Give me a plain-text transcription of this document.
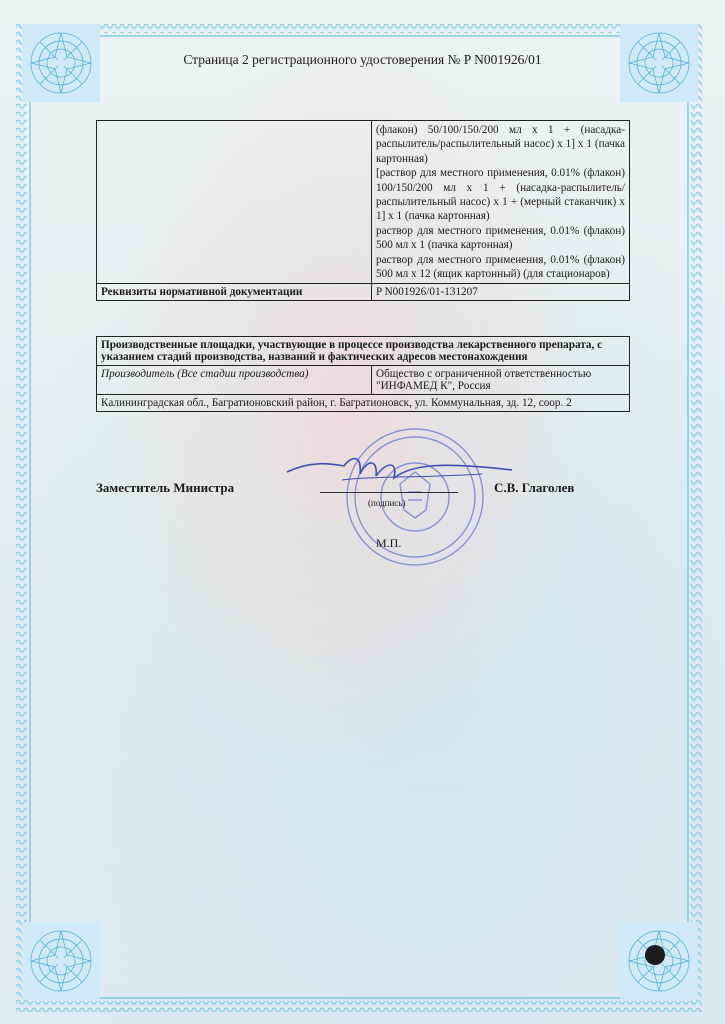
Страница 2 регистрационного удостоверения № P N001926/01

	(флакон) 50/100/150/200 мл х 1 + (насадка-распылитель/распылительный насос) х 1] х 1 (пачка картонная)

[раствор для местного применения, 0.01% (флакон) 100/150/200 мл х 1 + (насадка-распылитель/распылительный насос) х 1 + (мерный стаканчик) х 1] х 1 (пачка картонная)

раствор для местного применения, 0.01% (флакон) 500 мл х 1 (пачка картонная)

раствор для местного применения, 0.01% (флакон) 500 мл х 12 (ящик картонный) (для стационаров)

Реквизиты нормативной документации	P N001926/01-131207
Производственные площадки, участвующие в процессе производства лекарственного препарата, с указанием стадий производства, названий и фактических адресов местонахождения
Производитель (Все стадии производства)	Общество с ограниченной ответственностью "ИНФАМЕД К", Россия
Калининградская обл., Багратионовский район, г. Багратионовск, ул. Коммунальная, зд. 12, соор. 2
Заместитель Министра
(подпись)
С.В. Глаголев
М.П.
